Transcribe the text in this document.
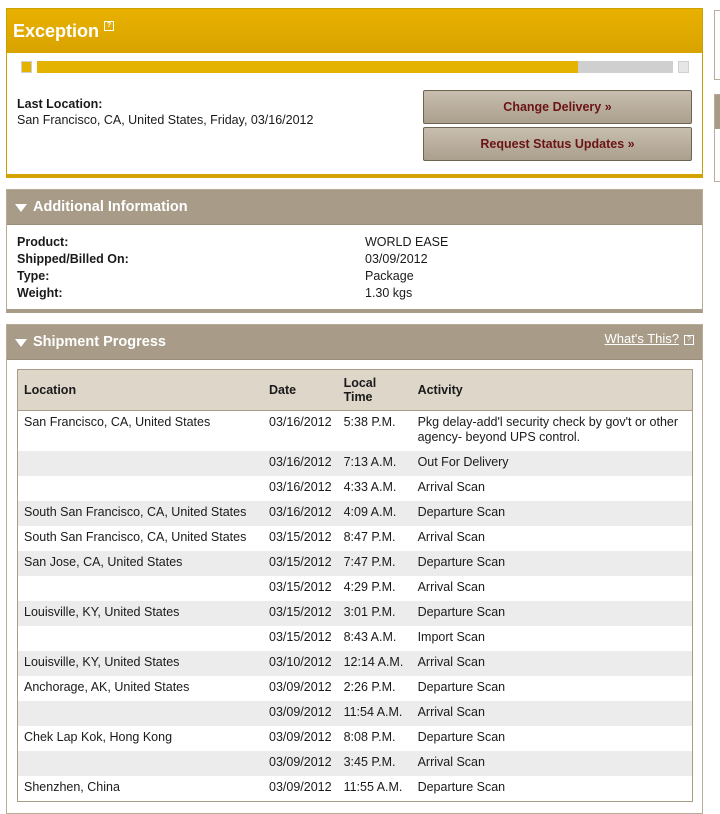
Exception ?
Last Location:
San Francisco, CA, United States, Friday, 03/16/2012
Change Delivery »
Request Status Updates »
Additional Information
Product:	WORLD EASE
Shipped/Billed On:	03/09/2012
Type:	Package
Weight:	1.30 kgs
Shipment Progress	What's This? ?
Location	Date	Local Time	Activity
San Francisco, CA, United States	03/16/2012	5:38 P.M.	Pkg delay-add'l security check by gov't or other agency- beyond UPS control.
	03/16/2012	7:13 A.M.	Out For Delivery
	03/16/2012	4:33 A.M.	Arrival Scan
South San Francisco, CA, United States	03/16/2012	4:09 A.M.	Departure Scan
South San Francisco, CA, United States	03/15/2012	8:47 P.M.	Arrival Scan
San Jose, CA, United States	03/15/2012	7:47 P.M.	Departure Scan
	03/15/2012	4:29 P.M.	Arrival Scan
Louisville, KY, United States	03/15/2012	3:01 P.M.	Departure Scan
	03/15/2012	8:43 A.M.	Import Scan
Louisville, KY, United States	03/10/2012	12:14 A.M.	Arrival Scan
Anchorage, AK, United States	03/09/2012	2:26 P.M.	Departure Scan
	03/09/2012	11:54 A.M.	Arrival Scan
Chek Lap Kok, Hong Kong	03/09/2012	8:08 P.M.	Departure Scan
	03/09/2012	3:45 P.M.	Arrival Scan
Shenzhen, China	03/09/2012	11:55 A.M.	Departure Scan
